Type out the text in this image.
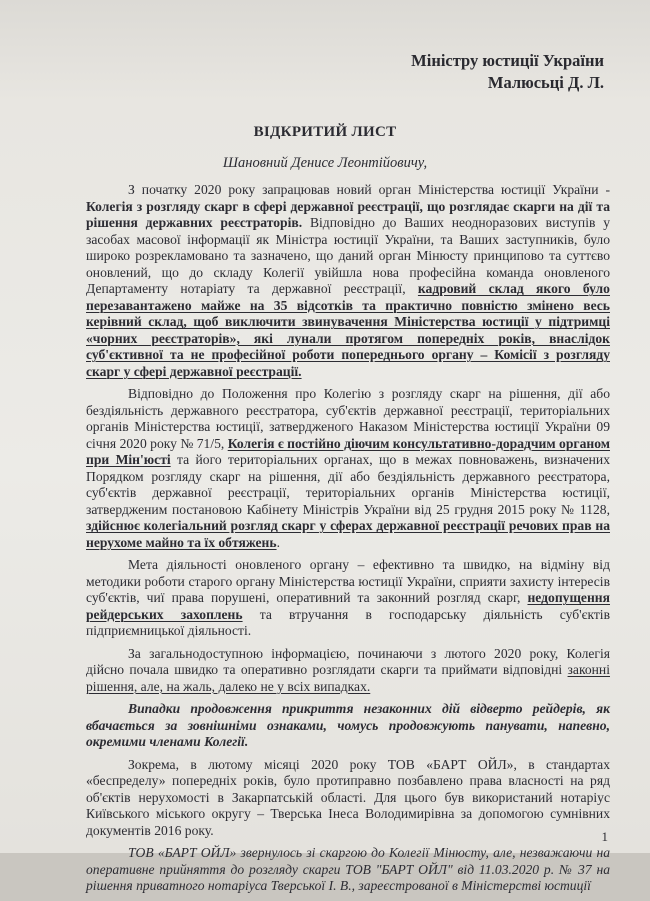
Міністру юстиції України
Малюсьці Д. Л.
ВІДКРИТИЙ ЛИСТ
Шановний Денисе Леонтійовичу,

З початку 2020 року запрацював новий орган Міністерства юстиції України - Колегія з розгляду скарг в сфері державної реєстрації, що розглядає скарги на дії та рішення державних реєстраторів. Відповідно до Ваших неодноразових виступів у засобах масової інформації як Міністра юстиції України, та Ваших заступників, було широко розрекламовано та зазначено, що даний орган Мінюсту принципово та суттєво оновлений, що до складу Колегії увійшла нова професійна команда оновленого Департаменту нотаріату та державної реєстрації, кадровий склад якого було перезавантажено майже на 35 відсотків та практично повністю змінено весь керівний склад, щоб виключити звинувачення Міністерства юстиції у підтримці «чорних реєстраторів», які лунали протягом попередніх років, внаслідок суб'єктивної та не професійної роботи попереднього органу – Комісії з розгляду скарг у сфері державної реєстрації.

Відповідно до Положення про Колегію з розгляду скарг на рішення, дії або бездіяльність державного реєстратора, суб'єктів державної реєстрації, територіальних органів Міністерства юстиції, затвердженого Наказом Міністерства юстиції України 09 січня 2020 року № 71/5, Колегія є постійно діючим консультативно-дорадчим органом при Мін'юсті та його територіальних органах, що в межах повноважень, визначених Порядком розгляду скарг на рішення, дії або бездіяльність державного реєстратора, суб'єктів державної реєстрації, територіальних органів Міністерства юстиції, затвердженим постановою Кабінету Міністрів України від 25 грудня 2015 року № 1128, здійснює колегіальний розгляд скарг у сферах державної реєстрації речових прав на нерухоме майно та їх обтяжень.

Мета діяльності оновленого органу – ефективно та швидко, на відміну від методики роботи старого органу Міністерства юстиції України, сприяти захисту інтересів суб'єктів, чиї права порушені, оперативний та законний розгляд скарг, недопущення рейдерських захоплень та втручання в господарську діяльність суб'єктів підприємницької діяльності.

За загальнодоступною інформацією, починаючи з лютого 2020 року, Колегія дійсно почала швидко та оперативно розглядати скарги та приймати відповідні законні рішення, але, на жаль, далеко не у всіх випадках.

Випадки продовження прикриття незаконних дій відверто рейдерів, як вбачається за зовнішніми ознаками, чомусь продовжують панувати, напевно, окремими членами Колегії.

Зокрема, в лютому місяці 2020 року ТОВ «БАРТ ОЙЛ», в стандартах «беспределу» попередніх років, було протиправно позбавлено права власності на ряд об'єктів нерухомості в Закарпатській області. Для цього був використаний нотаріус Київського міського округу – Тверська Інеса Володимирівна за допомогою сумнівних документів 2016 року.

ТОВ «БАРТ ОЙЛ» звернулось зі скаргою до Колегії Мінюсту, але, незважаючи на оперативне прийняття до розгляду скарги ТОВ "БАРТ ОЙЛ" від 11.03.2020 р. № 37 на рішення приватного нотаріуса Тверської І. В., зареєстрованої в Міністерстві юстиції

1
